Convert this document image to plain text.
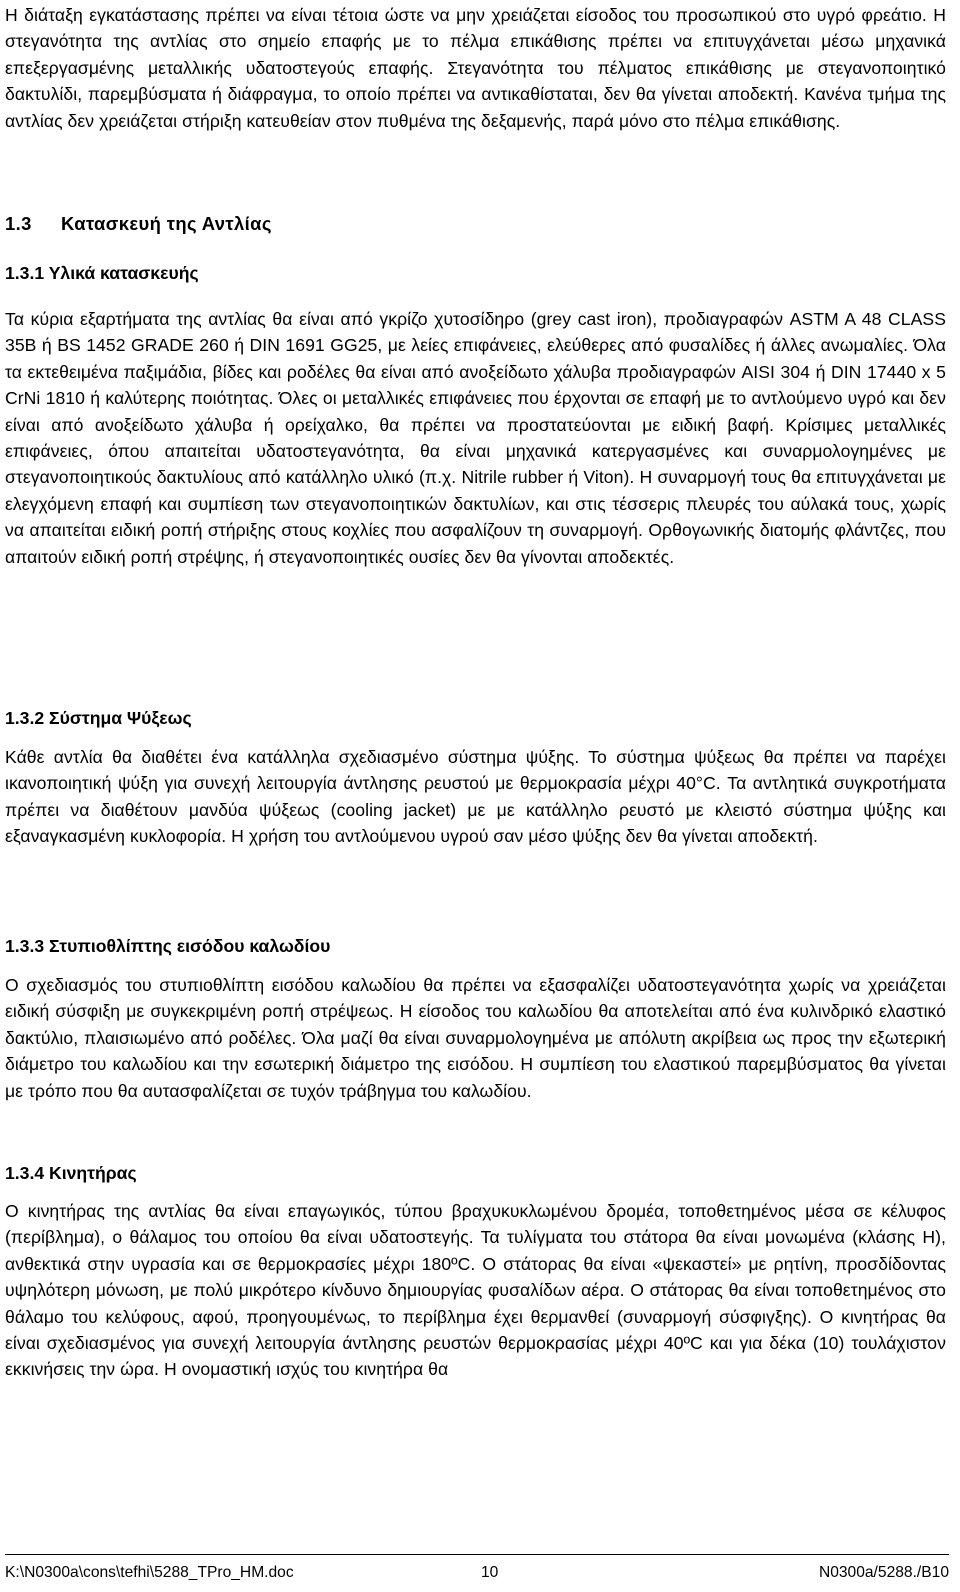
Η διάταξη εγκατάστασης πρέπει να είναι τέτοια ώστε να μην χρειάζεται είσοδος του προσωπικού στο υγρό φρεάτιο. Η στεγανότητα της αντλίας στο σημείο επαφής με το πέλμα επικάθισης πρέπει να επιτυγχάνεται μέσω μηχανικά επεξεργασμένης μεταλλικής υδατοστεγούς επαφής. Στεγανότητα του πέλματος επικάθισης με στεγανοποιητικό δακτυλίδι, παρεμβύσματα ή διάφραγμα, το οποίο πρέπει να αντικαθίσταται, δεν θα γίνεται αποδεκτή. Κανένα τμήμα της αντλίας δεν χρειάζεται στήριξη κατευθείαν στον πυθμένα της δεξαμενής, παρά μόνο στο πέλμα επικάθισης.

1.3 Κατασκευή της Αντλίας
1.3.1 Υλικά κατασκευής

Τα κύρια εξαρτήματα της αντλίας θα είναι από γκρίζο χυτοσίδηρο (grey cast iron), προδιαγραφών ASTM A 48 CLASS 35B ή BS 1452 GRADE 260 ή DIN 1691 GG25, με λείες επιφάνειες, ελεύθερες από φυσαλίδες ή άλλες ανωμαλίες. Όλα τα εκτεθειμένα παξιμάδια, βίδες και ροδέλες θα είναι από ανοξείδωτο χάλυβα προδιαγραφών AISI 304 ή DIN 17440 x 5 CrNi 1810 ή καλύτερης ποιότητας. Όλες οι μεταλλικές επιφάνειες που έρχονται σε επαφή με το αντλούμενο υγρό και δεν είναι από ανοξείδωτο χάλυβα ή ορείχαλκο, θα πρέπει να προστατεύονται με ειδική βαφή. Κρίσιμες μεταλλικές επιφάνειες, όπου απαιτείται υδατοστεγανότητα, θα είναι μηχανικά κατεργασμένες και συναρμολογημένες με στεγανοποιητικούς δακτυλίους από κατάλληλο υλικό (π.χ. Nitrile rubber ή Viton). Η συναρμογή τους θα επιτυγχάνεται με ελεγχόμενη επαφή και συμπίεση των στεγανοποιητικών δακτυλίων, και στις τέσσερις πλευρές του αύλακά τους, χωρίς να απαιτείται ειδική ροπή στήριξης στους κοχλίες που ασφαλίζουν τη συναρμογή. Ορθογωνικής διατομής φλάντζες, που απαιτούν ειδική ροπή στρέψης, ή στεγανοποιητικές ουσίες δεν θα γίνονται αποδεκτές.

1.3.2 Σύστημα Ψύξεως

Κάθε αντλία θα διαθέτει ένα κατάλληλα σχεδιασμένο σύστημα ψύξης. Το σύστημα ψύξεως θα πρέπει να παρέχει ικανοποιητική ψύξη για συνεχή λειτουργία άντλησης ρευστού με θερμοκρασία μέχρι 40°C. Τα αντλητικά συγκροτήματα πρέπει να διαθέτουν μανδύα ψύξεως (cooling jacket) με με κατάλληλο ρευστό με κλειστό σύστημα ψύξης και εξαναγκασμένη κυκλοφορία. Η χρήση του αντλούμενου υγρού σαν μέσο ψύξης δεν θα γίνεται αποδεκτή.

1.3.3 Στυπιοθλίπτης εισόδου καλωδίου

Ο σχεδιασμός του στυπιοθλίπτη εισόδου καλωδίου θα πρέπει να εξασφαλίζει υδατοστεγανότητα χωρίς να χρειάζεται ειδική σύσφιξη με συγκεκριμένη ροπή στρέψεως. Η είσοδος του καλωδίου θα αποτελείται από ένα κυλινδρικό ελαστικό δακτύλιο, πλαισιωμένο από ροδέλες. Όλα μαζί θα είναι συναρμολογημένα με απόλυτη ακρίβεια ως προς την εξωτερική διάμετρο του καλωδίου και την εσωτερική διάμετρο της εισόδου. Η συμπίεση του ελαστικού παρεμβύσματος θα γίνεται με τρόπο που θα αυτασφαλίζεται σε τυχόν τράβηγμα του καλωδίου.

1.3.4 Κινητήρας

Ο κινητήρας της αντλίας θα είναι επαγωγικός, τύπου βραχυκυκλωμένου δρομέα, τοποθετημένος μέσα σε κέλυφος (περίβλημα), ο θάλαμος του οποίου θα είναι υδατοστεγής. Τα τυλίγματα του στάτορα θα είναι μονωμένα (κλάσης H), ανθεκτικά στην υγρασία και σε θερμοκρασίες μέχρι 180ºC. Ο στάτορας θα είναι «ψεκαστεί» με ρητίνη, προσδίδοντας υψηλότερη μόνωση, με πολύ μικρότερο κίνδυνο δημιουργίας φυσαλίδων αέρα. Ο στάτορας θα είναι τοποθετημένος στο θάλαμο του κελύφους, αφού, προηγουμένως, το περίβλημα έχει θερμανθεί (συναρμογή σύσφιγξης). Ο κινητήρας θα είναι σχεδιασμένος για συνεχή λειτουργία άντλησης ρευστών θερμοκρασίας μέχρι 40ºC και για δέκα (10) τουλάχιστον εκκινήσεις την ώρα. Η ονομαστική ισχύς του κινητήρα θα

K:\N0300a\cons\tefhi\5288_TPro_HM.doc	10	N0300a/5288./B10
